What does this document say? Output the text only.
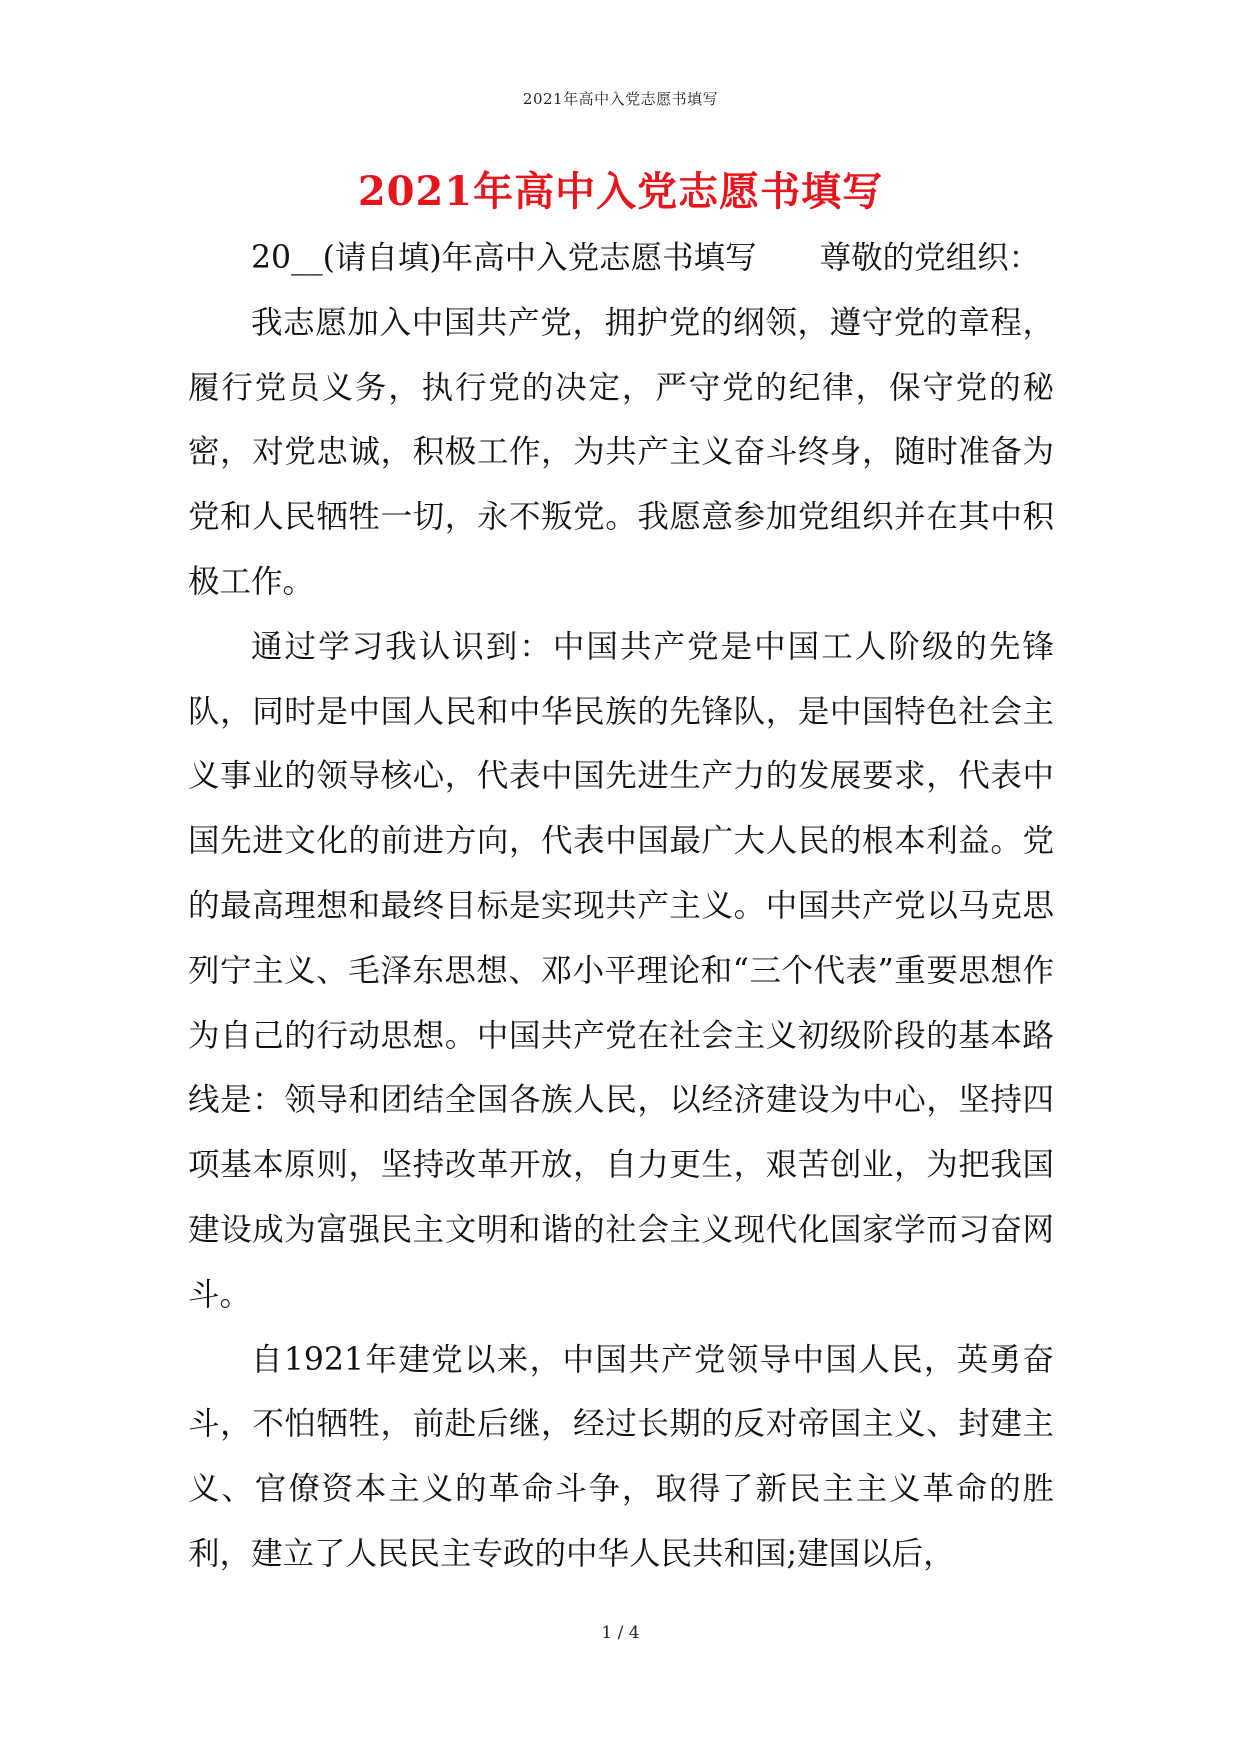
2021年高中入党志愿书填写
2021年高中入党志愿书填写

20__(请自填)年高中入党志愿书填写　　尊敬的党组织：

我志愿加入中国共产党，拥护党的纲领，遵守党的章程，履行党员义务，执行党的决定，严守党的纪律，保守党的秘密，对党忠诚，积极工作，为共产主义奋斗终身，随时准备为党和人民牺牲一切，永不叛党。我愿意参加党组织并在其中积极工作。

通过学习我认识到：中国共产党是中国工人阶级的先锋队，同时是中国人民和中华民族的先锋队，是中国特色社会主义事业的领导核心，代表中国先进生产力的发展要求，代表中国先进文化的前进方向，代表中国最广大人民的根本利益。党的最高理想和最终目标是实现共产主义。中国共产党以马克思列宁主义、毛泽东思想、邓小平理论和“三个代表”重要思想作为自己的行动思想。中国共产党在社会主义初级阶段的基本路线是：领导和团结全国各族人民，以经济建设为中心，坚持四项基本原则，坚持改革开放，自力更生，艰苦创业，为把我国建设成为富强民主文明和谐的社会主义现代化国家学而习奋网斗。

自1921年建党以来，中国共产党领导中国人民，英勇奋斗，不怕牺牲，前赴后继，经过长期的反对帝国主义、封建主义、官僚资本主义的革命斗争，取得了新民主主义革命的胜利，建立了人民民主专政的中华人民共和国;建国以后，

1 / 4
